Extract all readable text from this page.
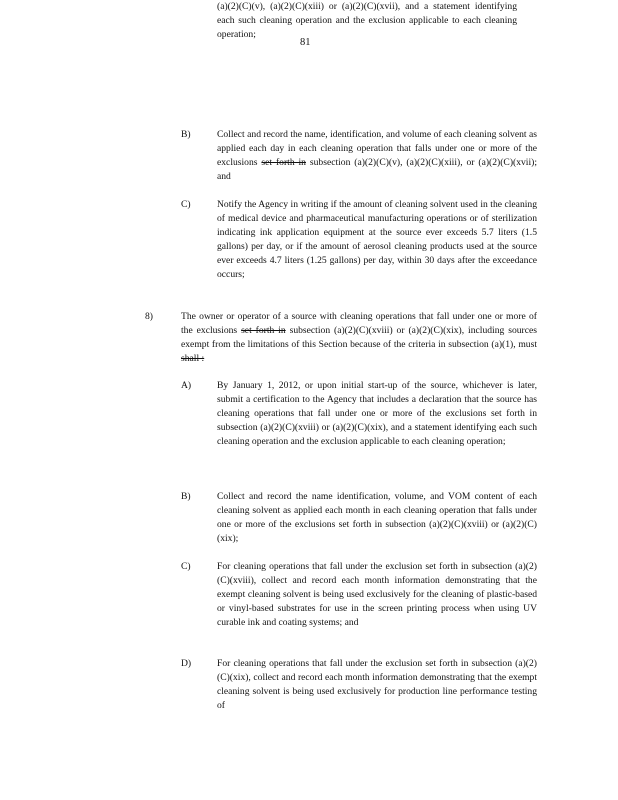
81

(a)(2)(C)(v), (a)(2)(C)(xiii) or (a)(2)(C)(xvii), and a statement identifying each such cleaning operation and the exclusion applicable to each cleaning operation;

B)	Collect and record the name, identification, and volume of each cleaning solvent as applied each day in each cleaning operation that falls under one or more of the exclusions set forth in subsection (a)(2)(C)(v), (a)(2)(C)(xiii), or (a)(2)(C)(xvii); and

C)	Notify the Agency in writing if the amount of cleaning solvent used in the cleaning of medical device and pharmaceutical manufacturing operations or of sterilization indicating ink application equipment at the source ever exceeds 5.7 liters (1.5 gallons) per day, or if the amount of aerosol cleaning products used at the source ever exceeds 4.7 liters (1.25 gallons) per day, within 30 days after the exceedance occurs;

8)	The owner or operator of a source with cleaning operations that fall under one or more of the exclusions set forth in subsection (a)(2)(C)(xviii) or (a)(2)(C)(xix), including sources exempt from the limitations of this Section because of the criteria in subsection (a)(1), must shall :

A)	By January 1, 2012, or upon initial start-up of the source, whichever is later, submit a certification to the Agency that includes a declaration that the source has cleaning operations that fall under one or more of the exclusions set forth in subsection (a)(2)(C)(xviii) or (a)(2)(C)(xix), and a statement identifying each such cleaning operation and the exclusion applicable to each cleaning operation;

B)	Collect and record the name identification, volume, and VOM content of each cleaning solvent as applied each month in each cleaning operation that falls under one or more of the exclusions set forth in subsection (a)(2)(C)(xviii) or (a)(2)(C)(xix);

C)	For cleaning operations that fall under the exclusion set forth in subsection (a)(2)(C)(xviii), collect and record each month information demonstrating that the exempt cleaning solvent is being used exclusively for the cleaning of plastic-based or vinyl-based substrates for use in the screen printing process when using UV curable ink and coating systems; and

D)	For cleaning operations that fall under the exclusion set forth in subsection (a)(2)(C)(xix), collect and record each month information demonstrating that the exempt cleaning solvent is being used exclusively for production line performance testing of
